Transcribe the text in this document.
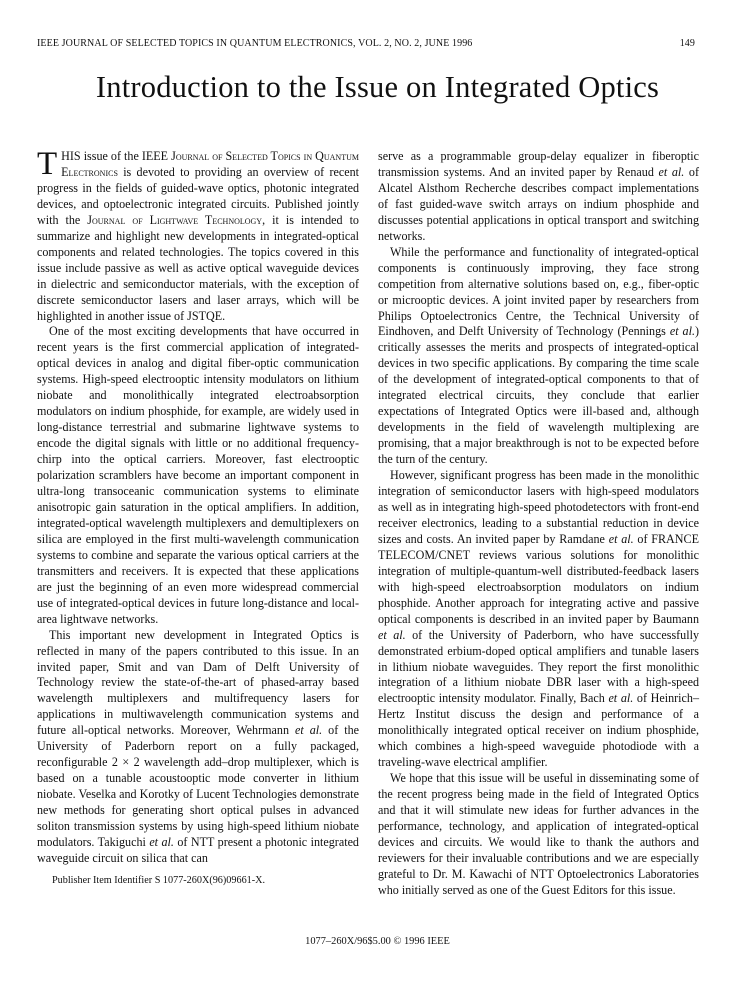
IEEE JOURNAL OF SELECTED TOPICS IN QUANTUM ELECTRONICS, VOL. 2, NO. 2, JUNE 1996	149
Introduction to the Issue on Integrated Optics

THIS issue of the IEEE Journal of Selected Topics in Quantum Electronics is devoted to providing an overview of recent progress in the fields of guided-wave optics, photonic integrated devices, and optoelectronic integrated circuits. Published jointly with the Journal of Lightwave Technology, it is intended to summarize and highlight new developments in integrated-optical components and related technologies. The topics covered in this issue include passive as well as active optical waveguide devices in dielectric and semiconductor materials, with the exception of discrete semiconductor lasers and laser arrays, which will be highlighted in another issue of JSTQE.

One of the most exciting developments that have occurred in recent years is the first commercial application of integrated-optical devices in analog and digital fiber-optic communication systems. High-speed electrooptic intensity modulators on lithium niobate and monolithically integrated electroabsorption modulators on indium phosphide, for example, are widely used in long-distance terrestrial and submarine lightwave systems to encode the digital signals with little or no additional frequency-chirp into the optical carriers. Moreover, fast electrooptic polarization scramblers have become an important component in ultra-long transoceanic communication systems to eliminate anisotropic gain saturation in the optical amplifiers. In addition, integrated-optical wavelength multiplexers and demultiplexers on silica are employed in the first multi-wavelength communication systems to combine and separate the various optical carriers at the transmitters and receivers. It is expected that these applications are just the beginning of an even more widespread commercial use of integrated-optical devices in future long-distance and local-area lightwave networks.

This important new development in Integrated Optics is reflected in many of the papers contributed to this issue. In an invited paper, Smit and van Dam of Delft University of Technology review the state-of-the-art of phased-array based wavelength multiplexers and multifrequency lasers for applications in multiwavelength communication systems and future all-optical networks. Moreover, Wehrmann et al. of the University of Paderborn report on a fully packaged, reconfigurable 2 × 2 wavelength add–drop multiplexer, which is based on a tunable acoustooptic mode converter in lithium niobate. Veselka and Korotky of Lucent Technologies demonstrate new methods for generating short optical pulses in advanced soliton transmission systems by using high-speed lithium niobate modulators. Takiguchi et al. of NTT present a photonic integrated waveguide circuit on silica that can

serve as a programmable group-delay equalizer in fiberoptic transmission systems. And an invited paper by Renaud et al. of Alcatel Alsthom Recherche describes compact implementations of fast guided-wave switch arrays on indium phosphide and discusses potential applications in optical transport and switching networks.

While the performance and functionality of integrated-optical components is continuously improving, they face strong competition from alternative solutions based on, e.g., fiber-optic or microoptic devices. A joint invited paper by researchers from Philips Optoelectronics Centre, the Technical University of Eindhoven, and Delft University of Technology (Pennings et al.) critically assesses the merits and prospects of integrated-optical devices in two specific applications. By comparing the time scale of the development of integrated-optical components to that of integrated electrical circuits, they conclude that earlier expectations of Integrated Optics were ill-based and, although developments in the field of wavelength multiplexing are promising, that a major breakthrough is not to be expected before the turn of the century.

However, significant progress has been made in the monolithic integration of semiconductor lasers with high-speed modulators as well as in integrating high-speed photodetectors with front-end receiver electronics, leading to a substantial reduction in device sizes and costs. An invited paper by Ramdane et al. of FRANCE TELECOM/CNET reviews various solutions for monolithic integration of multiple-quantum-well distributed-feedback lasers with high-speed electroabsorption modulators on indium phosphide. Another approach for integrating active and passive optical components is described in an invited paper by Baumann et al. of the University of Paderborn, who have successfully demonstrated erbium-doped optical amplifiers and tunable lasers in lithium niobate waveguides. They report the first monolithic integration of a lithium niobate DBR laser with a high-speed electrooptic intensity modulator. Finally, Bach et al. of Heinrich–Hertz Institut discuss the design and performance of a monolithically integrated optical receiver on indium phosphide, which combines a high-speed waveguide photodiode with a traveling-wave electrical amplifier.

We hope that this issue will be useful in disseminating some of the recent progress being made in the field of Integrated Optics and that it will stimulate new ideas for further advances in the performance, technology, and application of integrated-optical devices and circuits. We would like to thank the authors and reviewers for their invaluable contributions and we are especially grateful to Dr. M. Kawachi of NTT Optoelectronics Laboratories who initially served as one of the Guest Editors for this issue.

Publisher Item Identifier S 1077-260X(96)09661-X.
1077–260X/96$5.00 © 1996 IEEE
